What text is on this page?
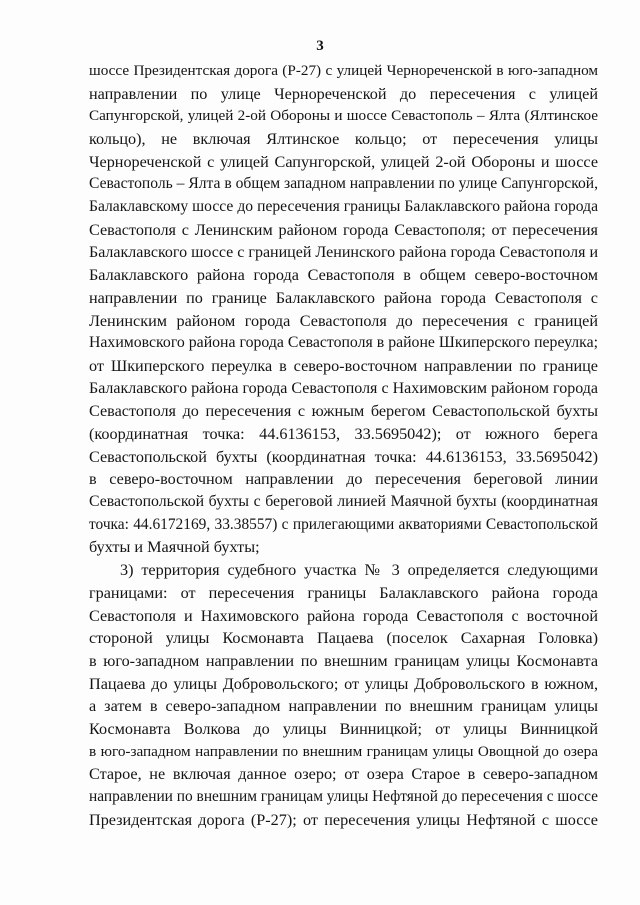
3
шоссе Президентская дорога (Р-27) с улицей Чернореченской в юго-западном
направлении по улице Чернореченской до пересечения с улицей
Сапунгорской, улицей 2-ой Обороны и шоссе Севастополь – Ялта (Ялтинское
кольцо), не включая Ялтинское кольцо; от пересечения улицы
Чернореченской с улицей Сапунгорской, улицей 2-ой Обороны и шоссе
Севастополь – Ялта в общем западном направлении по улице Сапунгорской,
Балаклавскому шоссе до пересечения границы Балаклавского района города
Севастополя с Ленинским районом города Севастополя; от пересечения
Балаклавского шоссе с границей Ленинского района города Севастополя и
Балаклавского района города Севастополя в общем северо-восточном
направлении по границе Балаклавского района города Севастополя с
Ленинским районом города Севастополя до пересечения с границей
Нахимовского района города Севастополя в районе Шкиперского переулка;
от Шкиперского переулка в северо-восточном направлении по границе
Балаклавского района города Севастополя с Нахимовским районом города
Севастополя до пересечения с южным берегом Севастопольской бухты
(координатная точка: 44.6136153, 33.5695042); от южного берега
Севастопольской бухты (координатная точка: 44.6136153, 33.5695042)
в северо-восточном направлении до пересечения береговой линии
Севастопольской бухты с береговой линией Маячной бухты (координатная
точка: 44.6172169, 33.38557) с прилегающими акваториями Севастопольской
бухты и Маячной бухты;
3) территория судебного участка № 3 определяется следующими
границами: от пересечения границы Балаклавского района города
Севастополя и Нахимовского района города Севастополя с восточной
стороной улицы Космонавта Пацаева (поселок Сахарная Головка)
в юго-западном направлении по внешним границам улицы Космонавта
Пацаева до улицы Добровольского; от улицы Добровольского в южном,
а затем в северо-западном направлении по внешним границам улицы
Космонавта Волкова до улицы Винницкой; от улицы Винницкой
в юго-западном направлении по внешним границам улицы Овощной до озера
Старое, не включая данное озеро; от озера Старое в северо-западном
направлении по внешним границам улицы Нефтяной до пересечения с шоссе
Президентская дорога (Р-27); от пересечения улицы Нефтяной с шоссе
